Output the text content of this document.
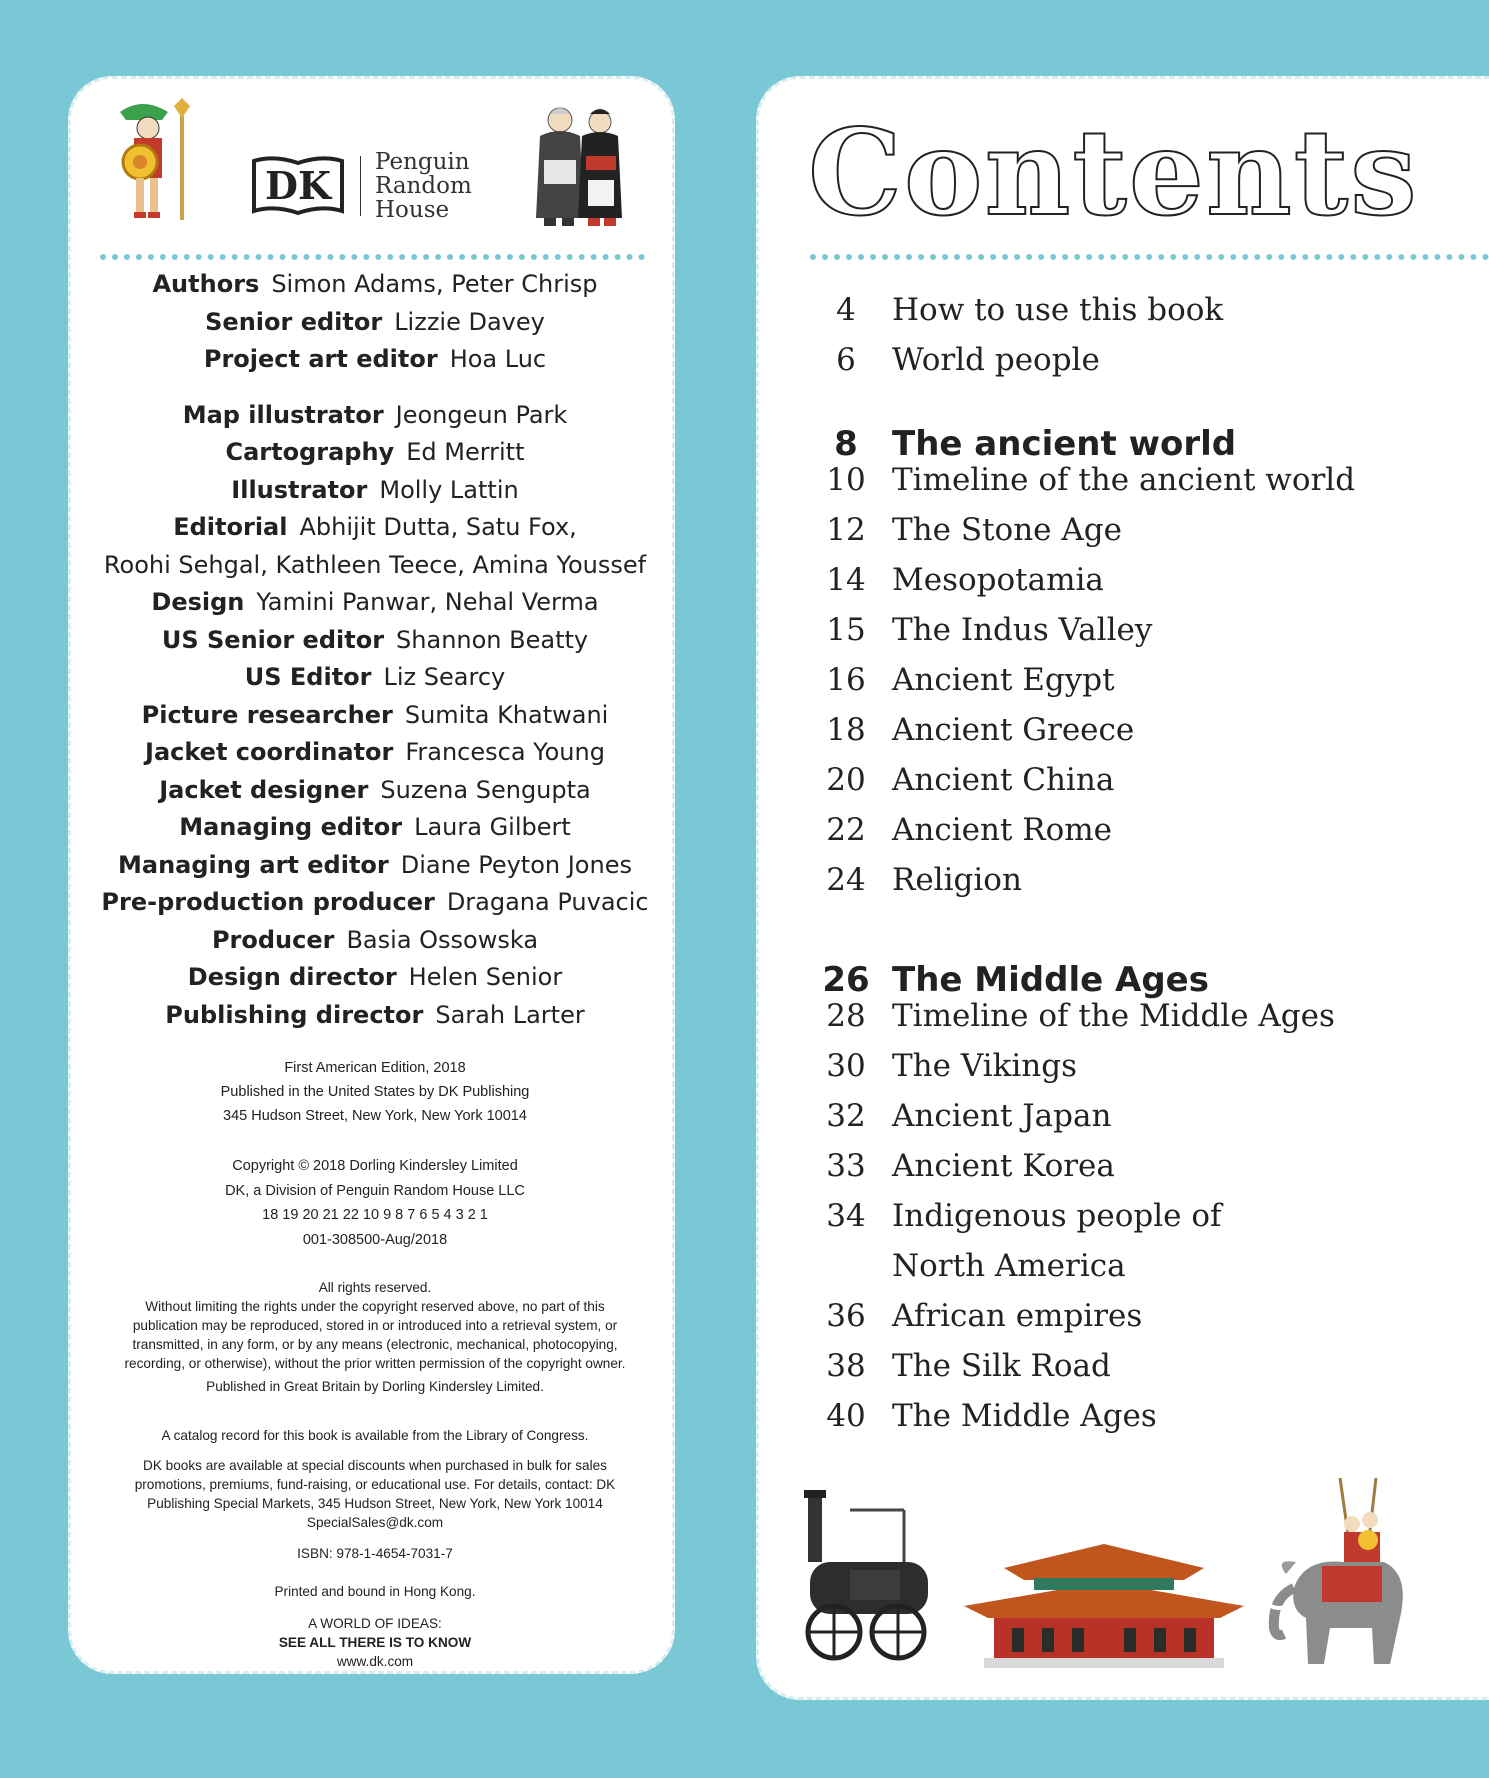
DK
Penguin
Random
House
Authors Simon Adams, Peter Chrisp
Senior editor Lizzie Davey
Project art editor Hoa Luc
Map illustrator Jeongeun Park
Cartography Ed Merritt
Illustrator Molly Lattin
Editorial Abhijit Dutta, Satu Fox,
Roohi Sehgal, Kathleen Teece, Amina Youssef
Design Yamini Panwar, Nehal Verma
US Senior editor Shannon Beatty
US Editor Liz Searcy
Picture researcher Sumita Khatwani
Jacket coordinator Francesca Young
Jacket designer Suzena Sengupta
Managing editor Laura Gilbert
Managing art editor Diane Peyton Jones
Pre-production producer Dragana Puvacic
Producer Basia Ossowska
Design director Helen Senior
Publishing director Sarah Larter

First American Edition, 2018

Published in the United States by DK Publishing

345 Hudson Street, New York, New York 10014

Copyright © 2018 Dorling Kindersley Limited

DK, a Division of Penguin Random House LLC

18 19 20 21 22 10 9 8 7 6 5 4 3 2 1

001-308500-Aug/2018

All rights reserved.

Without limiting the rights under the copyright reserved above, no part of this

publication may be reproduced, stored in or introduced into a retrieval system, or

transmitted, in any form, or by any means (electronic, mechanical, photocopying,

recording, or otherwise), without the prior written permission of the copyright owner.

Published in Great Britain by Dorling Kindersley Limited.

A catalog record for this book is available from the Library of Congress.

DK books are available at special discounts when purchased in bulk for sales

promotions, premiums, fund-raising, or educational use. For details, contact: DK

Publishing Special Markets, 345 Hudson Street, New York, New York 10014

SpecialSales@dk.com

ISBN: 978-1-4654-7031-7

Printed and bound in Hong Kong.

A WORLD OF IDEAS:

SEE ALL THERE IS TO KNOW

www.dk.com

Contents
4	How to use this book
6	World people
8	The ancient world
10 Timeline of the ancient world
12 The Stone Age
14 Mesopotamia
15 The Indus Valley
16 Ancient Egypt
18 Ancient Greece
20 Ancient China
22 Ancient Rome
24 Religion
26 The Middle Ages
28 Timeline of the Middle Ages
30 The Vikings
32 Ancient Japan
33 Ancient Korea
34 Indigenous people of
North America
36 African empires
38 The Silk Road
40 The Middle Ages
